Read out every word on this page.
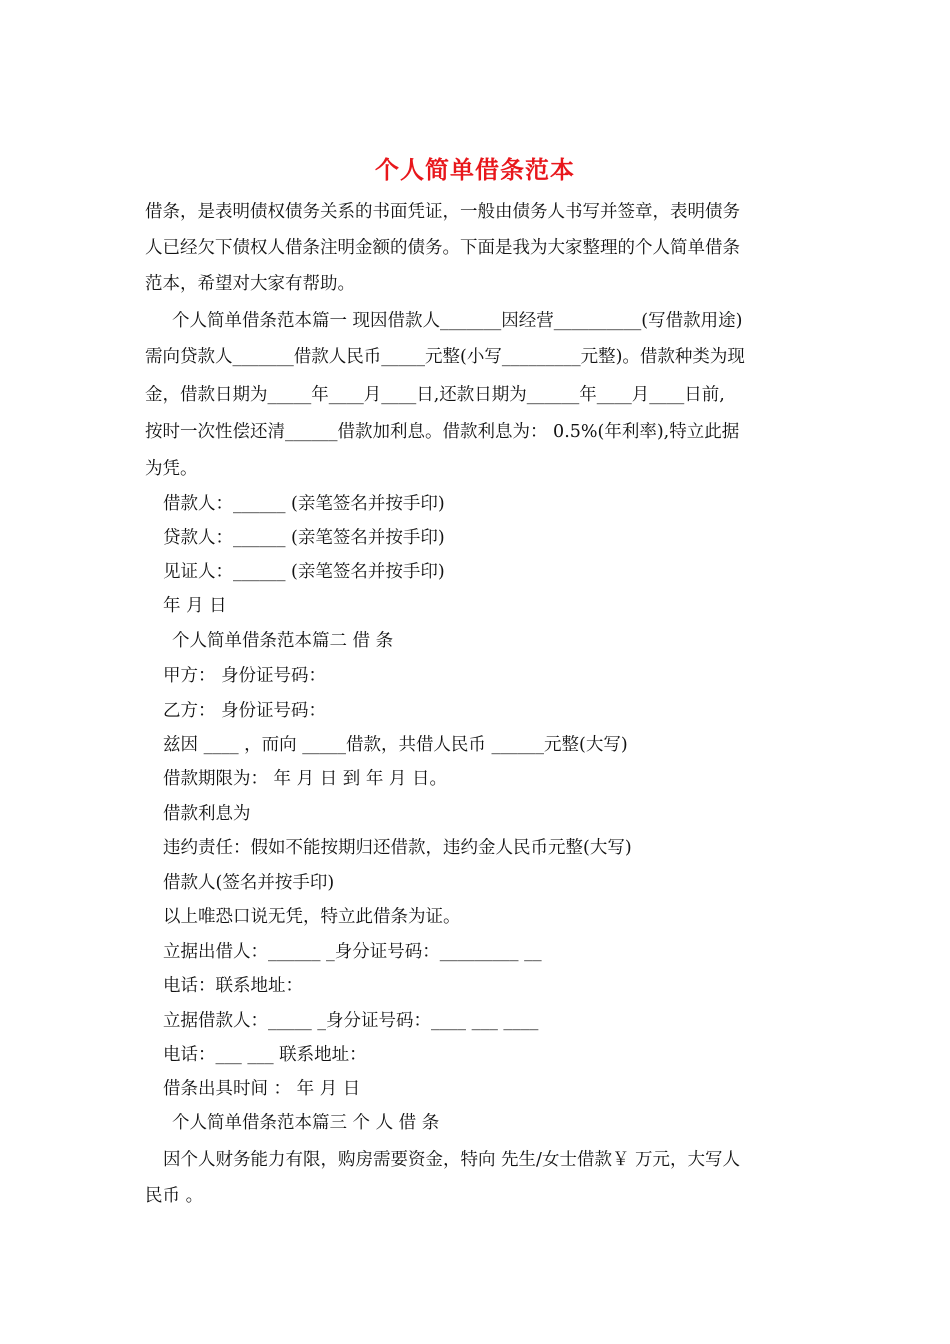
个人简单借条范本
借条，是表明债权债务关系的书面凭证，一般由债务人书写并签章，表明债务
人已经欠下债权人借条注明金额的债务。下面是我为大家整理的个人简单借条
范本，希望对大家有帮助。
个人简单借条范本篇一 现因借款人_______因经营__________(写借款用途)
需向贷款人_______借款人民币_____元整(小写_________元整)。借款种类为现
金，借款日期为_____年____月____日,还款日期为______年____月____日前,
按时一次性偿还清______借款加利息。借款利息为： 0.5%(年利率),特立此据
为凭。
借款人：______ (亲笔签名并按手印)
贷款人：______ (亲笔签名并按手印)
见证人：______ (亲笔签名并按手印)
年 月 日
个人简单借条范本篇二 借 条
甲方： 身份证号码：
乙方： 身份证号码：
兹因 ____ ，而向 _____借款，共借人民币 ______元整(大写)
借款期限为： 年 月 日 到 年 月 日。
借款利息为
违约责任：假如不能按期归还借款，违约金人民币元整(大写)
借款人(签名并按手印)
以上唯恐口说无凭，特立此借条为证。
立据出借人：______ _身分证号码：_________ __
电话：联系地址：
立据借款人：_____ _身分证号码：____ ___ ____
电话：___ ___ 联系地址：
借条出具时间 ： 年 月 日
个人简单借条范本篇三 个 人 借 条
因个人财务能力有限，购房需要资金，特向 先生/女士借款￥ 万元，大写人
民币 。
